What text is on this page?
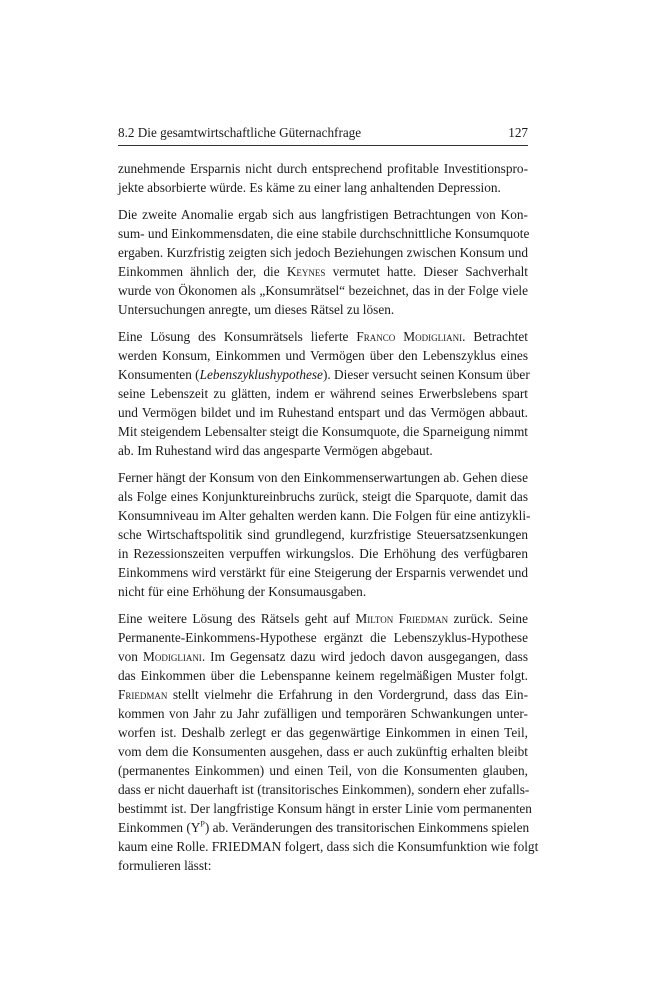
8.2 Die gesamtwirtschaftliche Güternachfrage	127

zunehmende Ersparnis nicht durch entsprechend profitable Investitionspro-
jekte absorbierte würde. Es käme zu einer lang anhaltenden Depression.

Die zweite Anomalie ergab sich aus langfristigen Betrachtungen von Kon-
sum- und Einkommensdaten, die eine stabile durchschnittliche Konsumquote
ergaben. Kurzfristig zeigten sich jedoch Beziehungen zwischen Konsum und
Einkommen ähnlich der, die Keynes vermutet hatte. Dieser Sachverhalt
wurde von Ökonomen als „Konsumrätsel“ bezeichnet, das in der Folge viele
Untersuchungen anregte, um dieses Rätsel zu lösen.

Eine Lösung des Konsumrätsels lieferte Franco Modigliani. Betrachtet
werden Konsum, Einkommen und Vermögen über den Lebenszyklus eines
Konsumenten (Lebenszyklushypothese). Dieser versucht seinen Konsum über
seine Lebenszeit zu glätten, indem er während seines Erwerbslebens spart
und Vermögen bildet und im Ruhestand entspart und das Vermögen abbaut.
Mit steigendem Lebensalter steigt die Konsumquote, die Sparneigung nimmt
ab. Im Ruhestand wird das angesparte Vermögen abgebaut.

Ferner hängt der Konsum von den Einkommenserwartungen ab. Gehen diese
als Folge eines Konjunktureinbruchs zurück, steigt die Sparquote, damit das
Konsumniveau im Alter gehalten werden kann. Die Folgen für eine antizykli-
sche Wirtschaftspolitik sind grundlegend, kurzfristige Steuersatzsenkungen
in Rezessionszeiten verpuffen wirkungslos. Die Erhöhung des verfügbaren
Einkommens wird verstärkt für eine Steigerung der Ersparnis verwendet und
nicht für eine Erhöhung der Konsumausgaben.

Eine weitere Lösung des Rätsels geht auf Milton Friedman zurück. Seine
Permanente-Einkommens-Hypothese ergänzt die Lebenszyklus-Hypothese
von Modigliani. Im Gegensatz dazu wird jedoch davon ausgegangen, dass
das Einkommen über die Lebenspanne keinem regelmäßigen Muster folgt.
Friedman stellt vielmehr die Erfahrung in den Vordergrund, dass das Ein-
kommen von Jahr zu Jahr zufälligen und temporären Schwankungen unter-
worfen ist. Deshalb zerlegt er das gegenwärtige Einkommen in einen Teil,
vom dem die Konsumenten ausgehen, dass er auch zukünftig erhalten bleibt
(permanentes Einkommen) und einen Teil, von die Konsumenten glauben,
dass er nicht dauerhaft ist (transitorisches Einkommen), sondern eher zufalls-
bestimmt ist. Der langfristige Konsum hängt in erster Linie vom permanenten
Einkommen $(Y^P)$ ab. Veränderungen des transitorischen Einkommens spielen
kaum eine Rolle. FRIEDMAN folgert, dass sich die Konsumfunktion wie folgt
formulieren lässt:
